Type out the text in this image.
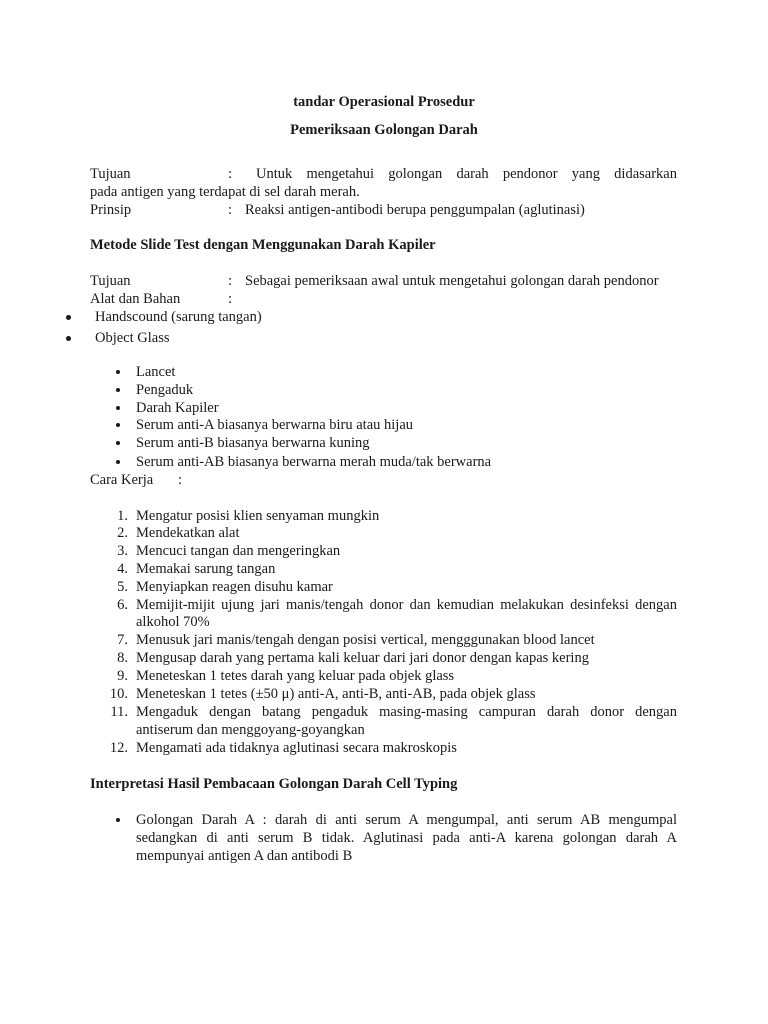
tandar Operasional Prosedur
Pemeriksaan Golongan Darah
Tujuan	: Untuk mengetahui golongan darah pendonor yang didasarkan
pada antigen yang terdapat di sel darah merah.
Prinsip	: Reaksi antigen-antibodi berupa penggumpalan (aglutinasi)
Metode Slide Test dengan Menggunakan Darah Kapiler
Tujuan	: Sebagai pemeriksaan awal untuk mengetahui golongan darah pendonor
Alat dan Bahan	:
Handscound (sarung tangan)
Object Glass
Lancet
Pengaduk
Darah Kapiler
Serum anti-A biasanya berwarna biru atau hijau
Serum anti-B biasanya berwarna kuning
Serum anti-AB biasanya berwarna merah muda/tak berwarna
Cara Kerja :
1. Mengatur posisi klien senyaman mungkin
2. Mendekatkan alat
3. Mencuci tangan dan mengeringkan
4. Memakai sarung tangan
5. Menyiapkan reagen disuhu kamar
6. Memijit-mijit ujung jari manis/tengah donor dan kemudian melakukan desinfeksi dengan
alkohol 70%
7. Menusuk jari manis/tengah dengan posisi vertical, mengggunakan blood lancet
8. Mengusap darah yang pertama kali keluar dari jari donor dengan kapas kering
9. Meneteskan 1 tetes darah yang keluar pada objek glass
10. Meneteskan 1 tetes (±50 μ) anti-A, anti-B, anti-AB, pada objek glass
11. Mengaduk dengan batang pengaduk masing-masing campuran darah donor dengan
antiserum dan menggoyang-goyangkan
12. Mengamati ada tidaknya aglutinasi secara makroskopis
Interpretasi Hasil Pembacaan Golongan Darah Cell Typing
Golongan Darah A : darah di anti serum A mengumpal, anti serum AB mengumpal
sedangkan di anti serum B tidak. Aglutinasi pada anti-A karena golongan darah A
mempunyai antigen A dan antibodi B
